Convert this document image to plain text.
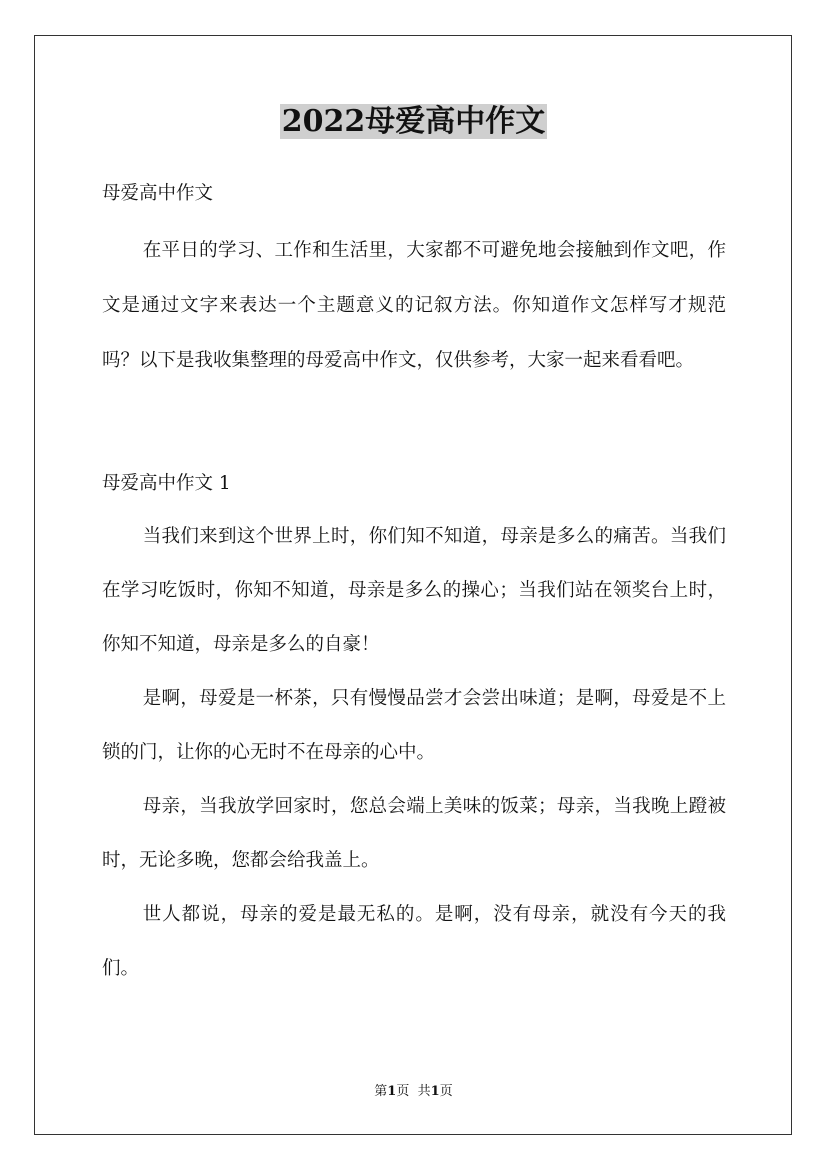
2022母爱高中作文
母爱高中作文

在平日的学习、工作和生活里，大家都不可避免地会接触到作文吧，作文是通过文字来表达一个主题意义的记叙方法。你知道作文怎样写才规范吗？以下是我收集整理的母爱高中作文，仅供参考，大家一起来看看吧。

母爱高中作文 1

当我们来到这个世界上时，你们知不知道，母亲是多么的痛苦。当我们在学习吃饭时，你知不知道，母亲是多么的操心；当我们站在领奖台上时，你知不知道，母亲是多么的自豪！

是啊，母爱是一杯茶，只有慢慢品尝才会尝出味道；是啊，母爱是不上锁的门，让你的心无时不在母亲的心中。

母亲，当我放学回家时，您总会端上美味的饭菜；母亲，当我晚上蹬被时，无论多晚，您都会给我盖上。

世人都说，母亲的爱是最无私的。是啊，没有母亲，就没有今天的我们。

第1页 共1页
